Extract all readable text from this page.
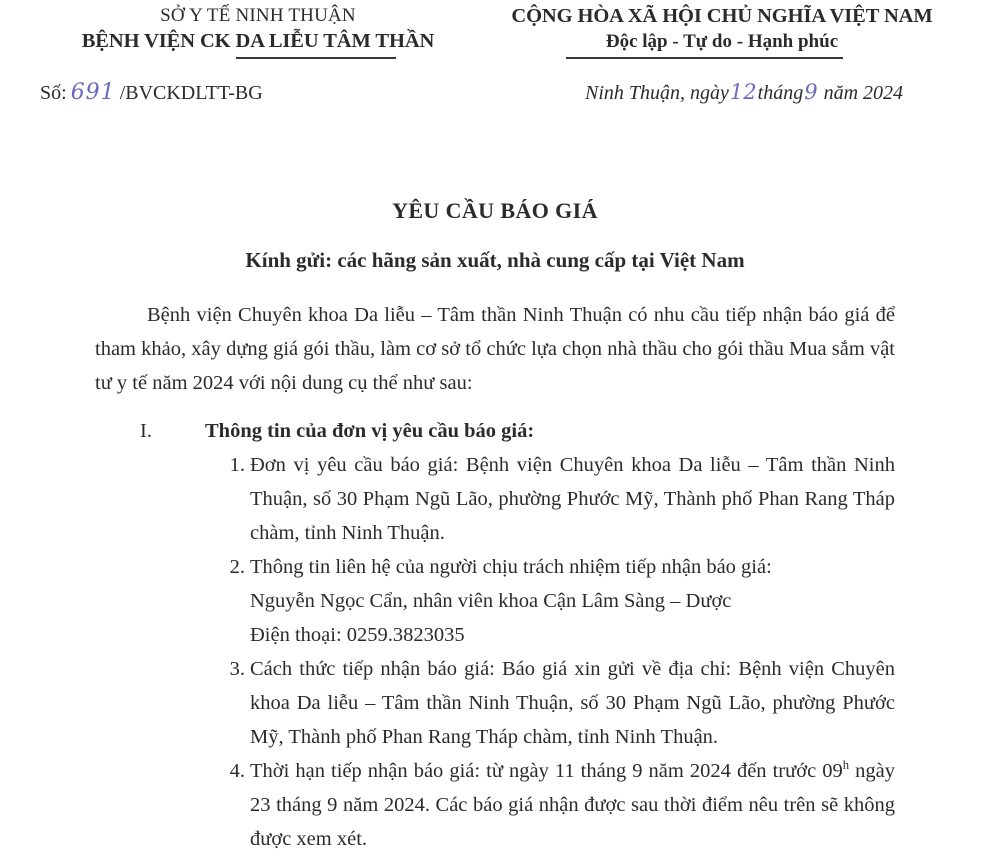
SỞ Y TẾ NINH THUẬN
BỆNH VIỆN CK DA LIỄU TÂM THẦN
CỘNG HÒA XÃ HỘI CHỦ NGHĨA VIỆT NAM
Độc lập - Tự do - Hạnh phúc
Số: 691 /BVCKDLTT-BG	Ninh Thuận, ngày12tháng9 năm 2024
YÊU CẦU BÁO GIÁ
Kính gửi: các hãng sản xuất, nhà cung cấp tại Việt Nam

Bệnh viện Chuyên khoa Da liễu – Tâm thần Ninh Thuận có nhu cầu tiếp nhận báo giá để tham khảo, xây dựng giá gói thầu, làm cơ sở tổ chức lựa chọn nhà thầu cho gói thầu Mua sắm vật tư y tế năm 2024 với nội dung cụ thể như sau:

I.	Thông tin của đơn vị yêu cầu báo giá:
1. Đơn vị yêu cầu báo giá: Bệnh viện Chuyên khoa Da liễu – Tâm thần Ninh Thuận, số 30 Phạm Ngũ Lão, phường Phước Mỹ, Thành phố Phan Rang Tháp chàm, tỉnh Ninh Thuận.
2. Thông tin liên hệ của người chịu trách nhiệm tiếp nhận báo giá:
Nguyễn Ngọc Cẩn, nhân viên khoa Cận Lâm Sàng – Dược
Điện thoại: 0259.3823035
3. Cách thức tiếp nhận báo giá: Báo giá xin gửi về địa chỉ: Bệnh viện Chuyên khoa Da liễu – Tâm thần Ninh Thuận, số 30 Phạm Ngũ Lão, phường Phước Mỹ, Thành phố Phan Rang Tháp chàm, tỉnh Ninh Thuận.
4. Thời hạn tiếp nhận báo giá: từ ngày 11 tháng 9 năm 2024 đến trước 09$^h$ ngày 23 tháng 9 năm 2024. Các báo giá nhận được sau thời điểm nêu trên sẽ không được xem xét.
